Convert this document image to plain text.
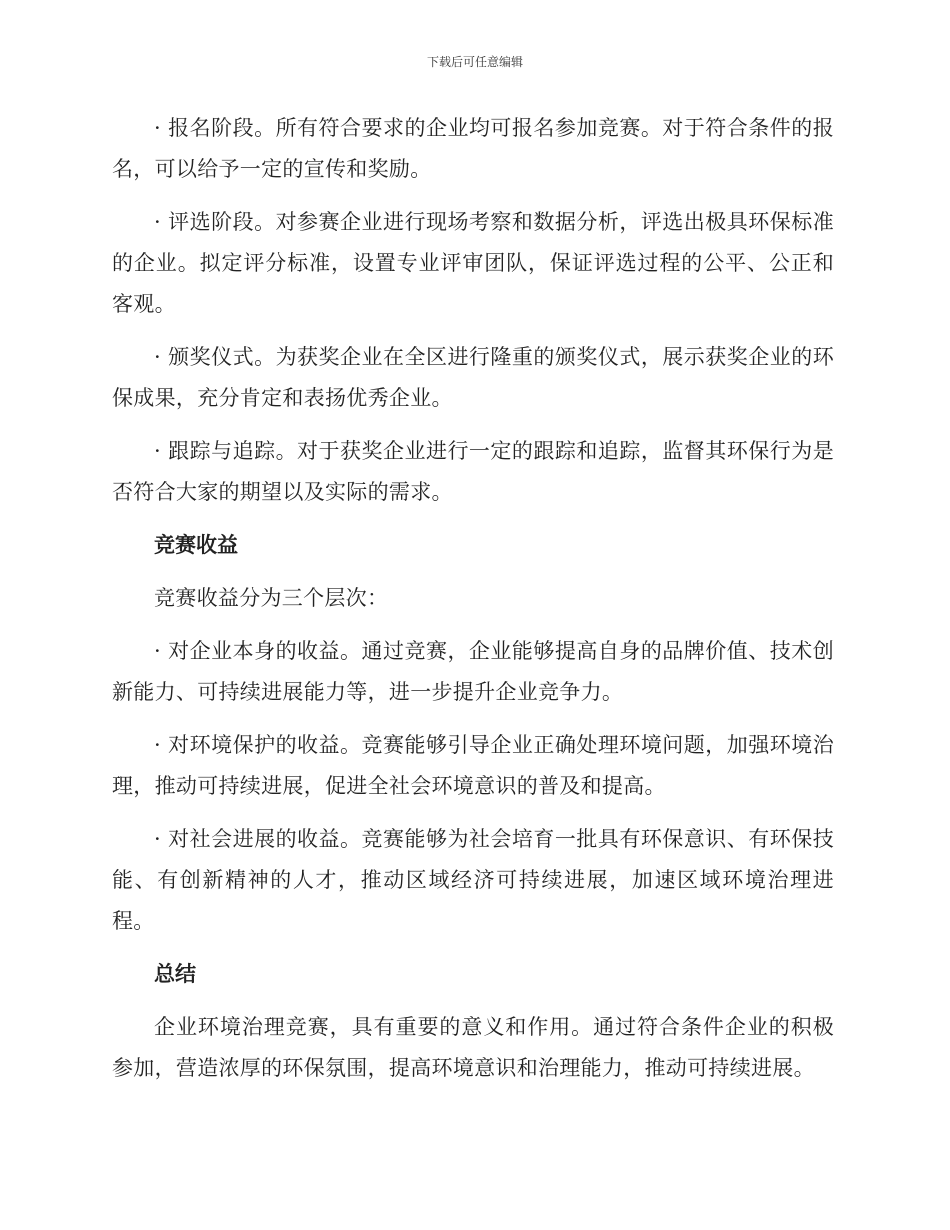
下载后可任意编辑

· 报名阶段。所有符合要求的企业均可报名参加竞赛。对于符合条件的报名，可以给予一定的宣传和奖励。

· 评选阶段。对参赛企业进行现场考察和数据分析，评选出极具环保标准的企业。拟定评分标准，设置专业评审团队，保证评选过程的公平、公正和客观。

· 颁奖仪式。为获奖企业在全区进行隆重的颁奖仪式，展示获奖企业的环保成果，充分肯定和表扬优秀企业。

· 跟踪与追踪。对于获奖企业进行一定的跟踪和追踪，监督其环保行为是否符合大家的期望以及实际的需求。

竞赛收益

竞赛收益分为三个层次：

· 对企业本身的收益。通过竞赛，企业能够提高自身的品牌价值、技术创新能力、可持续进展能力等，进一步提升企业竞争力。

· 对环境保护的收益。竞赛能够引导企业正确处理环境问题，加强环境治理，推动可持续进展，促进全社会环境意识的普及和提高。

· 对社会进展的收益。竞赛能够为社会培育一批具有环保意识、有环保技能、有创新精神的人才，推动区域经济可持续进展，加速区域环境治理进程。

总结

企业环境治理竞赛，具有重要的意义和作用。通过符合条件企业的积极参加，营造浓厚的环保氛围，提高环境意识和治理能力，推动可持续进展。
